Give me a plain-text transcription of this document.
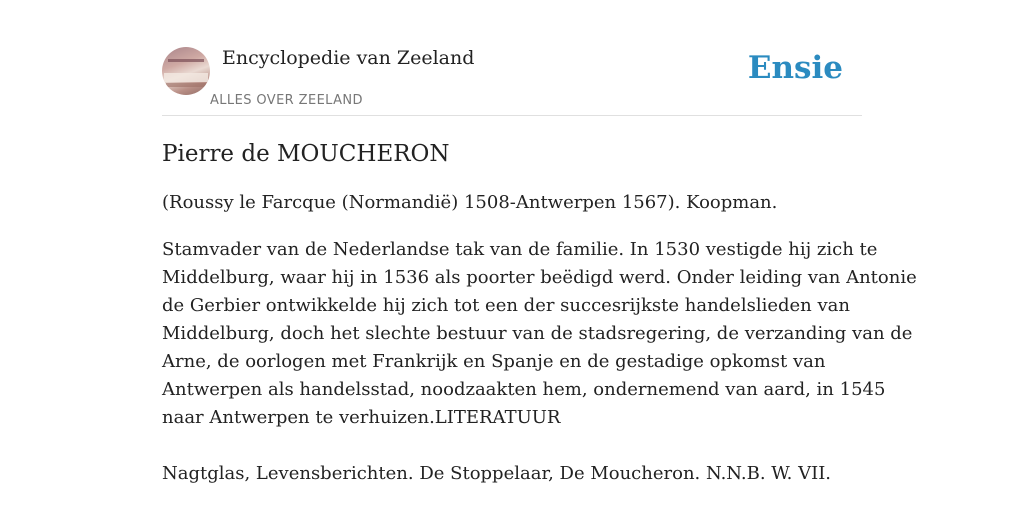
Encyclopedie van Zeeland
ALLES OVER ZEELAND
Ensie
Pierre de MOUCHERON

(Roussy le Farcque (Normandië) 1508-Antwerpen 1567). Koopman.

Stamvader van de Nederlandse tak van de familie. In 1530 vestigde hij zich te
Middelburg, waar hij in 1536 als poorter beëdigd werd. Onder leiding van Antonie
de Gerbier ontwikkelde hij zich tot een der succesrijkste handelslieden van
Middelburg, doch het slechte bestuur van de stadsregering, de verzanding van de
Arne, de oorlogen met Frankrijk en Spanje en de gestadige opkomst van
Antwerpen als handelsstad, noodzaakten hem, ondernemend van aard, in 1545
naar Antwerpen te verhuizen.LITERATUUR

Nagtglas, Levensberichten. De Stoppelaar, De Moucheron. N.N.B. W. VII.
